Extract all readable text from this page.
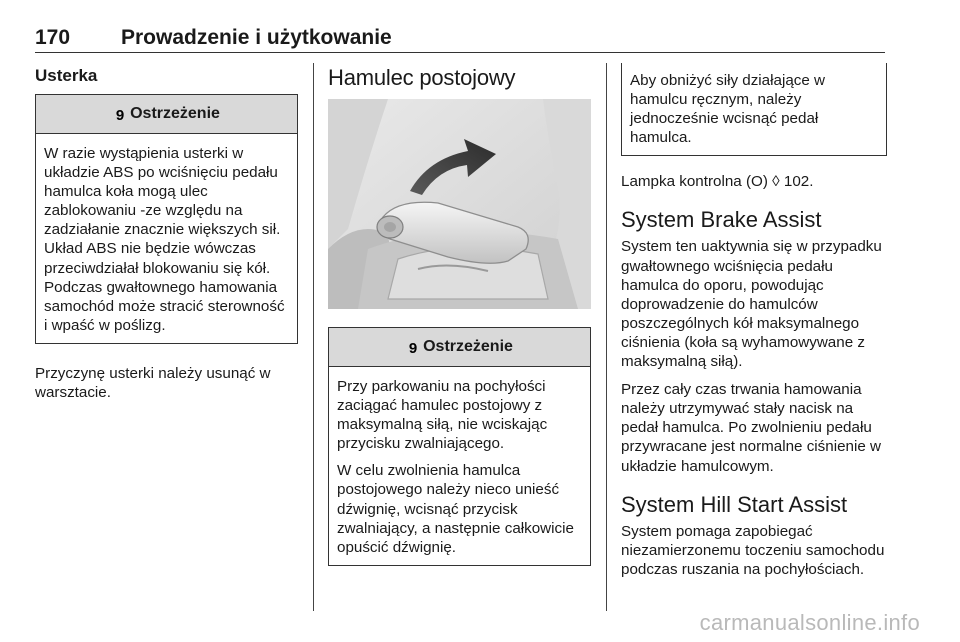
170 Prowadzenie i użytkowanie
Usterka
9 Ostrzeżenie

W razie wystąpienia usterki w układzie ABS po wciśnięciu pedału hamulca koła mogą ulec zablokowaniu -ze względu na zadziałanie znacznie większych sił. Układ ABS nie będzie wówczas przeciwdziałał blokowaniu się kół. Podczas gwałtownego hamowania samochód może stracić sterowność i wpaść w poślizg.

Przyczynę usterki należy usunąć w warsztacie.

Hamulec postojowy
9 Ostrzeżenie

Przy parkowaniu na pochyłości zaciągać hamulec postojowy z maksymalną siłą, nie wciskając przycisku zwalniającego.

W celu zwolnienia hamulca postojowego należy nieco unieść dźwignię, wcisnąć przycisk zwalniający, a następnie całkowicie opuścić dźwignię.

Aby obniżyć siły działające w hamulcu ręcznym, należy jednocześnie wcisnąć pedał hamulca.

Lampka kontrolna (O) ◊ 102.

System Brake Assist

System ten uaktywnia się w przypadku gwałtownego wciśnięcia pedału hamulca do oporu, powodując doprowadzenie do hamulców poszczególnych kół maksymalnego ciśnienia (koła są wyhamowywane z maksymalną siłą).

Przez cały czas trwania hamowania należy utrzymywać stały nacisk na pedał hamulca. Po zwolnieniu pedału przywracane jest normalne ciśnienie w układzie hamulcowym.

System Hill Start Assist

System pomaga zapobiegać niezamierzonemu toczeniu samochodu podczas ruszania na pochyłościach.

carmanualsonline.info
